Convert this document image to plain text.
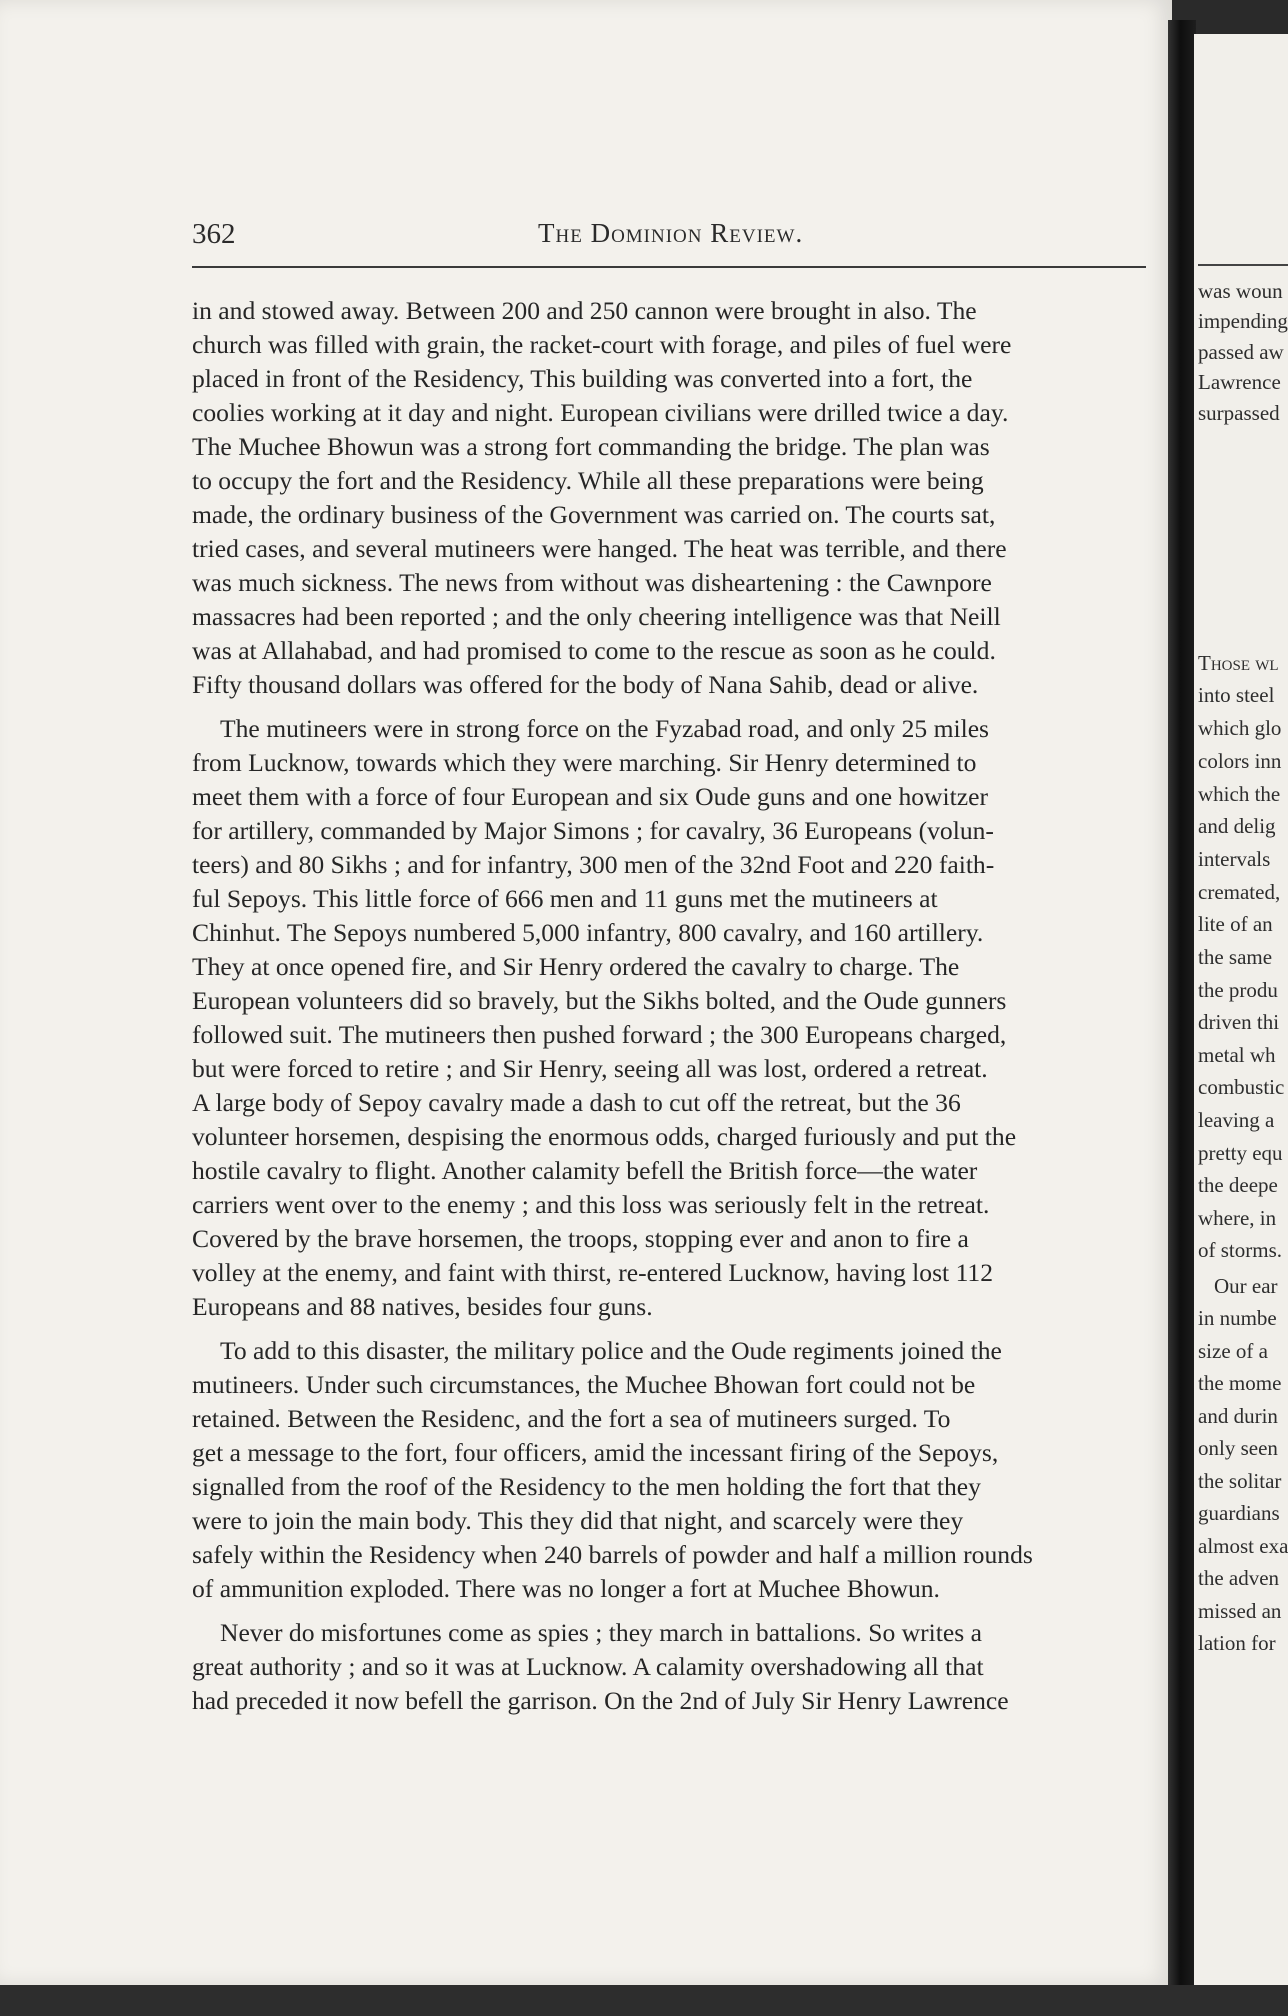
362	The Dominion Review.
in and stowed away. Between 200 and 250 cannon were brought in also. The
church was filled with grain, the racket-court with forage, and piles of fuel were
placed in front of the Residency, This building was converted into a fort, the
coolies working at it day and night. European civilians were drilled twice a day.
The Muchee Bhowun was a strong fort commanding the bridge. The plan was
to occupy the fort and the Residency. While all these preparations were being
made, the ordinary business of the Government was carried on. The courts sat,
tried cases, and several mutineers were hanged. The heat was terrible, and there
was much sickness. The news from without was disheartening : the Cawnpore
massacres had been reported ; and the only cheering intelligence was that Neill
was at Allahabad, and had promised to come to the rescue as soon as he could.
Fifty thousand dollars was offered for the body of Nana Sahib, dead or alive.
The mutineers were in strong force on the Fyzabad road, and only 25 miles
from Lucknow, towards which they were marching. Sir Henry determined to
meet them with a force of four European and six Oude guns and one howitzer
for artillery, commanded by Major Simons ; for cavalry, 36 Europeans (volun-
teers) and 80 Sikhs ; and for infantry, 300 men of the 32nd Foot and 220 faith-
ful Sepoys. This little force of 666 men and 11 guns met the mutineers at
Chinhut. The Sepoys numbered 5,000 infantry, 800 cavalry, and 160 artillery.
They at once opened fire, and Sir Henry ordered the cavalry to charge. The
European volunteers did so bravely, but the Sikhs bolted, and the Oude gunners
followed suit. The mutineers then pushed forward ; the 300 Europeans charged,
but were forced to retire ; and Sir Henry, seeing all was lost, ordered a retreat.
A large body of Sepoy cavalry made a dash to cut off the retreat, but the 36
volunteer horsemen, despising the enormous odds, charged furiously and put the
hostile cavalry to flight. Another calamity befell the British force—the water
carriers went over to the enemy ; and this loss was seriously felt in the retreat.
Covered by the brave horsemen, the troops, stopping ever and anon to fire a
volley at the enemy, and faint with thirst, re-entered Lucknow, having lost 112
Europeans and 88 natives, besides four guns.
To add to this disaster, the military police and the Oude regiments joined the
mutineers. Under such circumstances, the Muchee Bhowan fort could not be
retained. Between the Residenc, and the fort a sea of mutineers surged. To
get a message to the fort, four officers, amid the incessant firing of the Sepoys,
signalled from the roof of the Residency to the men holding the fort that they
were to join the main body. This they did that night, and scarcely were they
safely within the Residency when 240 barrels of powder and half a million rounds
of ammunition exploded. There was no longer a fort at Muchee Bhowun.
Never do misfortunes come as spies ; they march in battalions. So writes a
great authority ; and so it was at Lucknow. A calamity overshadowing all that
had preceded it now befell the garrison. On the 2nd of July Sir Henry Lawrence
was woun
impending
passed aw
Lawrence
surpassed
Those wl
into steel
which glo
colors inn
which the
and delig
intervals
cremated,
lite of an
the same
the produ
driven thi
metal wh
combustic
leaving a
pretty equ
the deepe
where, in
of storms.
Our ear
in numbe
size of a
the mome
and durin
only seen
the solitar
guardians
almost exa
the adven
missed an
lation for
